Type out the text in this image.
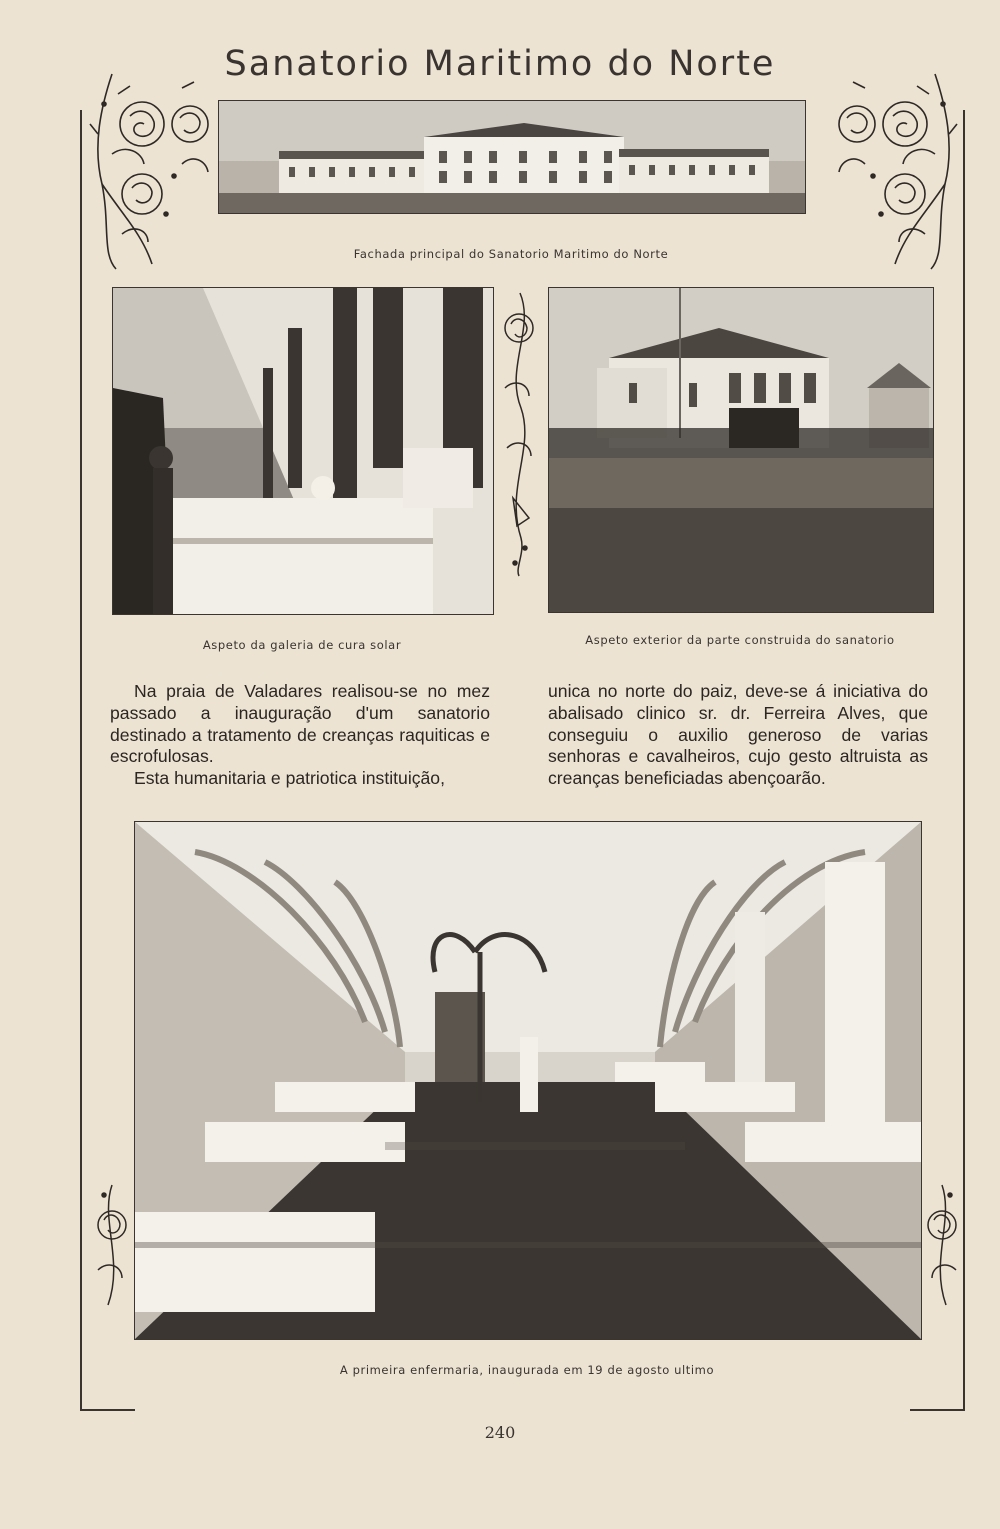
Sanatorio Maritimo do Norte
Fachada principal do Sanatorio Maritimo do Norte
Aspeto da galeria de cura solar	Aspeto exterior da parte construida do sanatorio

Na praia de Valadares realisou-se no mez passado a inauguração d'um sanatorio destinado a tratamento de creanças raquiticas e escrofulosas.

Esta humanitaria e patriotica instituição,

unica no norte do paiz, deve-se á iniciativa do abalisado clinico sr. dr. Ferreira Alves, que conseguiu o auxilio generoso de varias senhoras e cavalheiros, cujo gesto altruista as creanças beneficiadas abençoarão.

A primeira enfermaria, inaugurada em 19 de agosto ultimo
240
